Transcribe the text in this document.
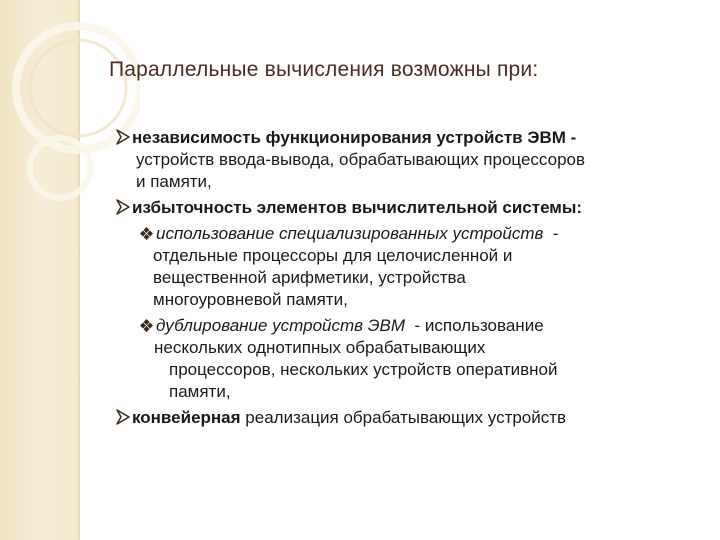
Параллельные вычисления возможны при:
независимость функционирования устройств ЭВМ -
устройств ввода-вывода, обрабатывающих процессоров
и памяти,
избыточность элементов вычислительной системы:
использование специализированных устройств  -
отдельные процессоры для целочисленной и
вещественной арифметики, устройства
многоуровневой памяти,
дублирование устройств ЭВМ  - использование
нескольких однотипных обрабатывающих
процессоров, нескольких устройств оперативной
памяти,
конвейерная реализация обрабатывающих устройств
